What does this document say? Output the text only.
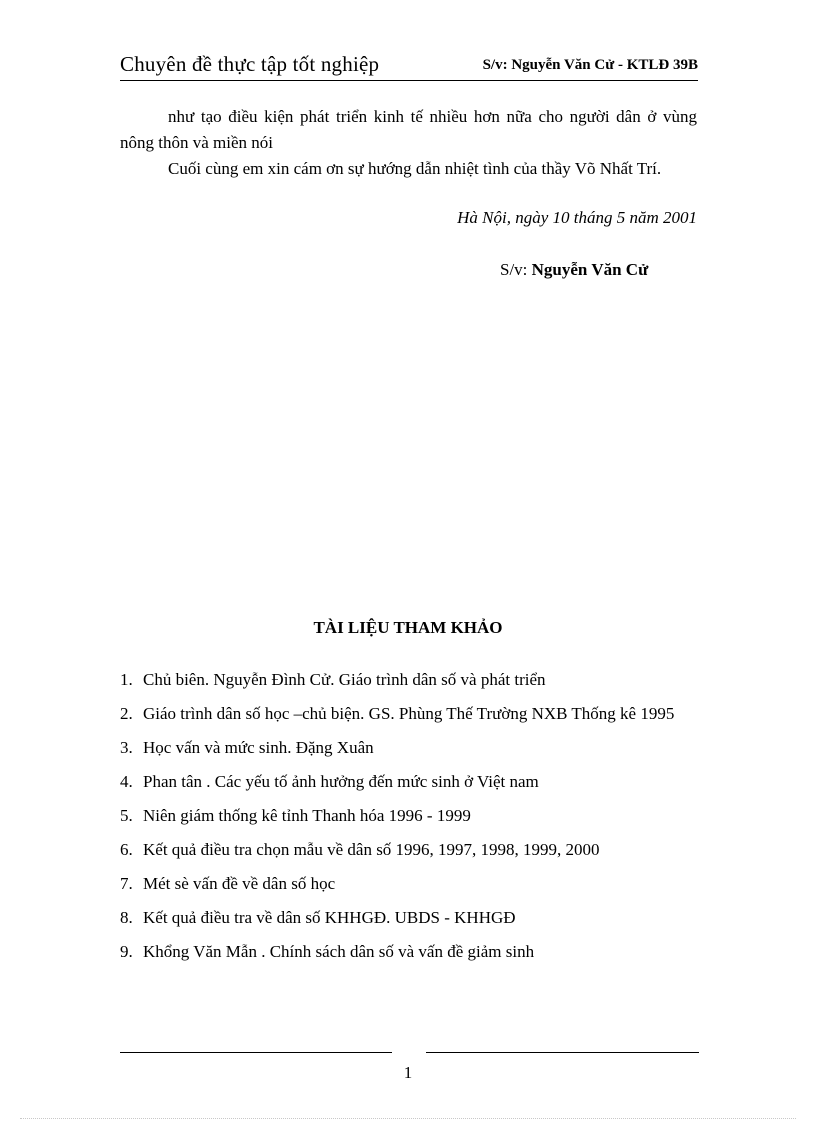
Chuyên đề thực tập tốt nghiệp	S/v: Nguyễn Văn Cử - KTLĐ 39B
như tạo điều kiện phát triển kinh tế nhiều hơn nữa cho người dân ở vùng nông thôn và miền nói
Cuối cùng em xin cám ơn sự hướng dẫn nhiệt tình của thầy Võ Nhất Trí.
Hà Nội, ngày 10 tháng 5 năm 2001
S/v: Nguyễn Văn Cử
TÀI LIỆU THAM KHẢO
1. Chủ biên. Nguyễn Đình Cử. Giáo trình dân số và phát triển
2. Giáo trình dân số học –chủ biện. GS. Phùng Thế Trường NXB Thống kê 1995
3. Học vấn và mức sinh. Đặng Xuân
4. Phan tân . Các yếu tố ảnh hưởng đến mức sinh ở Việt nam
5. Niên giám thống kê tỉnh Thanh hóa 1996 - 1999
6. Kết quả điều tra chọn mẫu về dân số 1996, 1997, 1998, 1999, 2000
7. Mét sè vấn đề về dân số học
8. Kết quả điều tra về dân số KHHGĐ. UBDS - KHHGĐ
9. Khổng Văn Mẫn . Chính sách dân số và vấn đề giảm sinh
1
